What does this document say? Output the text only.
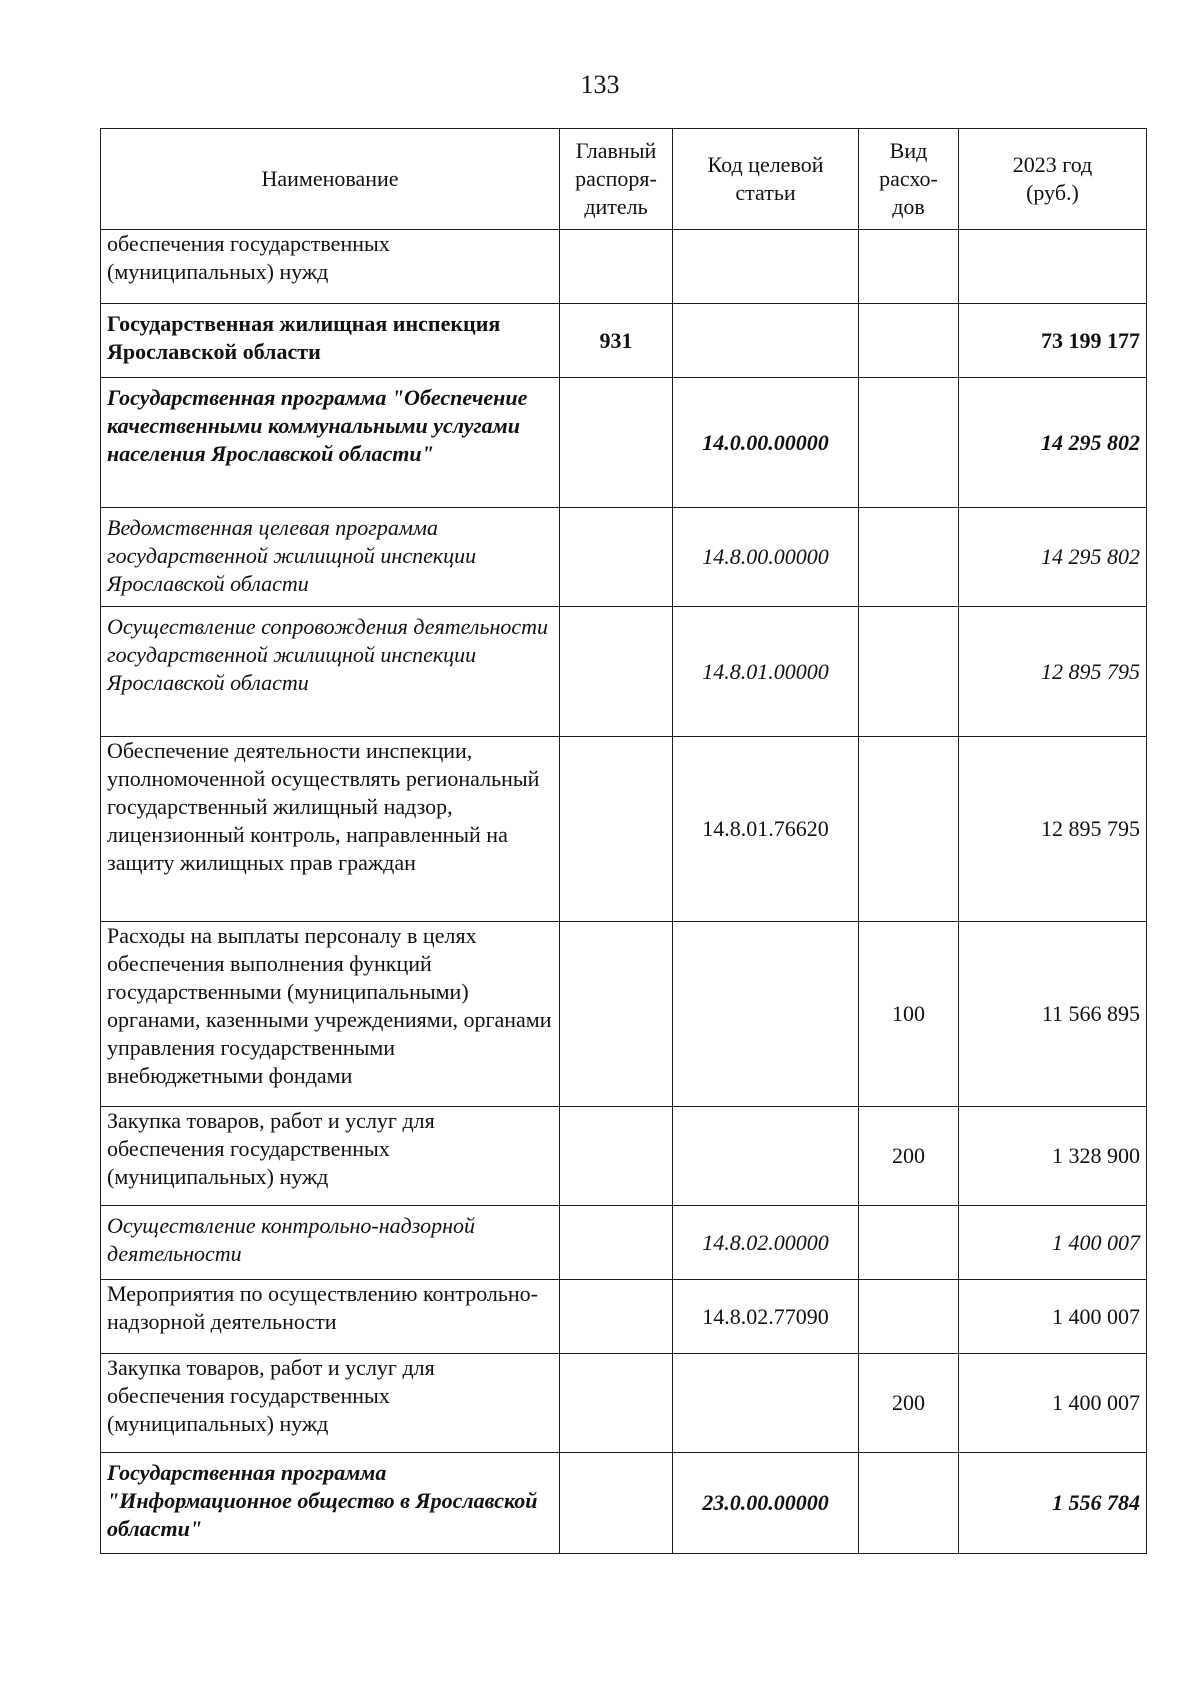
133
Наименование	Главный распоря-дитель	Код целевой статьи	Вид расхо-дов	2023 год (руб.)

обеспечения государственных (муниципальных) нужд				
Государственная жилищная инспекция Ярославской области	931			73 199 177
Государственная программа "Обеспечение качественными коммунальными услугами населения Ярославской области"		14.0.00.00000		14 295 802
Ведомственная целевая программа государственной жилищной инспекции Ярославской области		14.8.00.00000		14 295 802
Осуществление сопровождения деятельности государственной жилищной инспекции Ярославской области		14.8.01.00000		12 895 795
Обеспечение деятельности инспекции, уполномоченной осуществлять региональный государственный жилищный надзор, лицензионный контроль, направленный на защиту жилищных прав граждан		14.8.01.76620		12 895 795
Расходы на выплаты персоналу в целях обеспечения выполнения функций государственными (муниципальными) органами, казенными учреждениями, органами управления государственными внебюджетными фондами			100	11 566 895
Закупка товаров, работ и услуг для обеспечения государственных (муниципальных) нужд			200	1 328 900
Осуществление контрольно-надзорной деятельности		14.8.02.00000		1 400 007
Мероприятия по осуществлению контрольно-надзорной деятельности		14.8.02.77090		1 400 007
Закупка товаров, работ и услуг для обеспечения государственных (муниципальных) нужд			200	1 400 007
Государственная программа "Информационное общество в Ярославской области"		23.0.00.00000		1 556 784
